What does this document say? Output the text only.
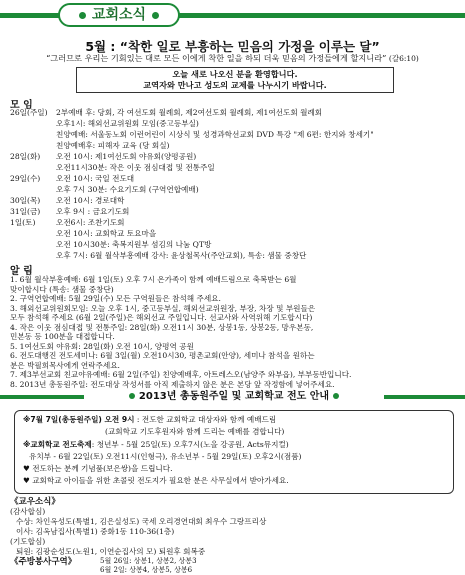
교회소식
5월 : “착한 일로 부흥하는 믿음의 가정을 이루는 달”
“그러므로 우리는 기회있는 대로 모든 이에게 착한 일을 하되 더욱 믿음의 가정들에게 할지니라” (갈6:10)
오늘 새로 나오신 분을 환영합니다.
교역자와 만나고 성도의 교제를 나누시기 바랍니다.
모 임
26일(주일) 2부예배 후: 당회, 각 여선도회 월례회, 제2여선도회 월례회, 제1여선도회 월례회
오후1시: 해외선교위원회 모임(중고등부실)
친양예배: 서울동노회 이런어린이 시상식 및 성경과학선교회 DVD 특강 "제 6편: 한지와 창세기"
친양예배후: 피해자 교육 (당 회실)
28일(화) 오전 10시: 제1여선도회 야유회(양평공원)
오전11시30분: 작은 이웃 점심대접 및 전통주일
29일(수) 오전 10시: 국일 전도대
오후 7시 30분: 수요기도회 (구역연합예배)
30일(목) 오전 10시: 경로대학
31일(금) 오후 9시 : 금요기도회
1일(토)	오전6시: 조찬기도회
오전 10시: 교회학교 토요마을
오전 10시30분: 축복지원부 섬김의 나눔 QT방
오후 7시: 6월 월삭부흥예배 강사: 윤상철목사(주안교회), 특송: 샘물 중창단
알 림
1. 6월 월삭부흥예배: 6월 1일(토) 오후 7시 온가족이 함께 예배드림으로 축복받는 6월
맞이합시다 (특송: 샘물 중창단)
2. 구역연합예배: 5월 29일(수) 모든 구역원들은 참석해 주세요.
3. 해외선교위원회모임: 오늘 오후 1시, 중고등부실, 해외선교위원장, 부장, 차장 및 부원들은
모두 참석해 주세요 (6월 2일(주일)은 해외선교 주일입니다. 선교사와 사역위해 기도합시다)
4. 작은 이웃 점심대접 및 전통주일: 28일(화) 오전11시 30분, 상봉1동, 상봉2동, 망우본동,
민본동 등 100분을 대접합니다.
5. 1여선도회 야유회: 28일(화) 오전 10시, 양평역 공원
6. 전도대행진 전도세미나: 6월 3일(월) 오전10시30, 평촌교회(안양), 세미나 참석을 원하는
분은 박필희목사에게 연락주세요.
2013년 총동원주일 및 교회학교 전도 안내
※7월 7일(총동원주일) 오전 9시 : 전도한 교회학교 대상자와 함께 예배드림
(교회학교 기도후원자와 함께 드리는 예배를 겸합니다)
※교회학교 전도축제: 청년부 - 5월 25일(토) 오후7시(노을 강공원, Acts뮤지컬)
유치부 - 6월 22일(토) 오전11시(인형극), 유소년부 - 5월 29일(토) 오후2시(점품)
♥ 전도하는 분께 기념품(보은쌍)을 드립니다.
♥ 교회학교 아이들을 위한 초콜릿 전도지가 필요한 분은 사무실에서 받아가세요.
《교우소식》
(감사합심)
수상: 차인옥성도(특별1, 김은실성도) 국세 오리경연대회 최우수 그랑프리상
이사: 김옥남집사(특별1) 중화1동 110-36(1층)
(기도합심)
퇴원: 김광순성도(노원1, 이연순집사의 모) 퇴원후 회복중
《주방봉사구역》	5월 26일: 상봉1, 상봉2, 상봉3
6월 2일: 상봉4, 상봉5, 상봉6
7. 제3부선교회 친교야유예배: 6월 2일(주일) 친양예배후, 아트레스오(남양주 와부읍), 부부동반입니다.
8. 2013년 총동원주일: 전도대상 작성서를 아직 제출하지 않은 분은 본당 앞 작정함에 넣어주세요.
